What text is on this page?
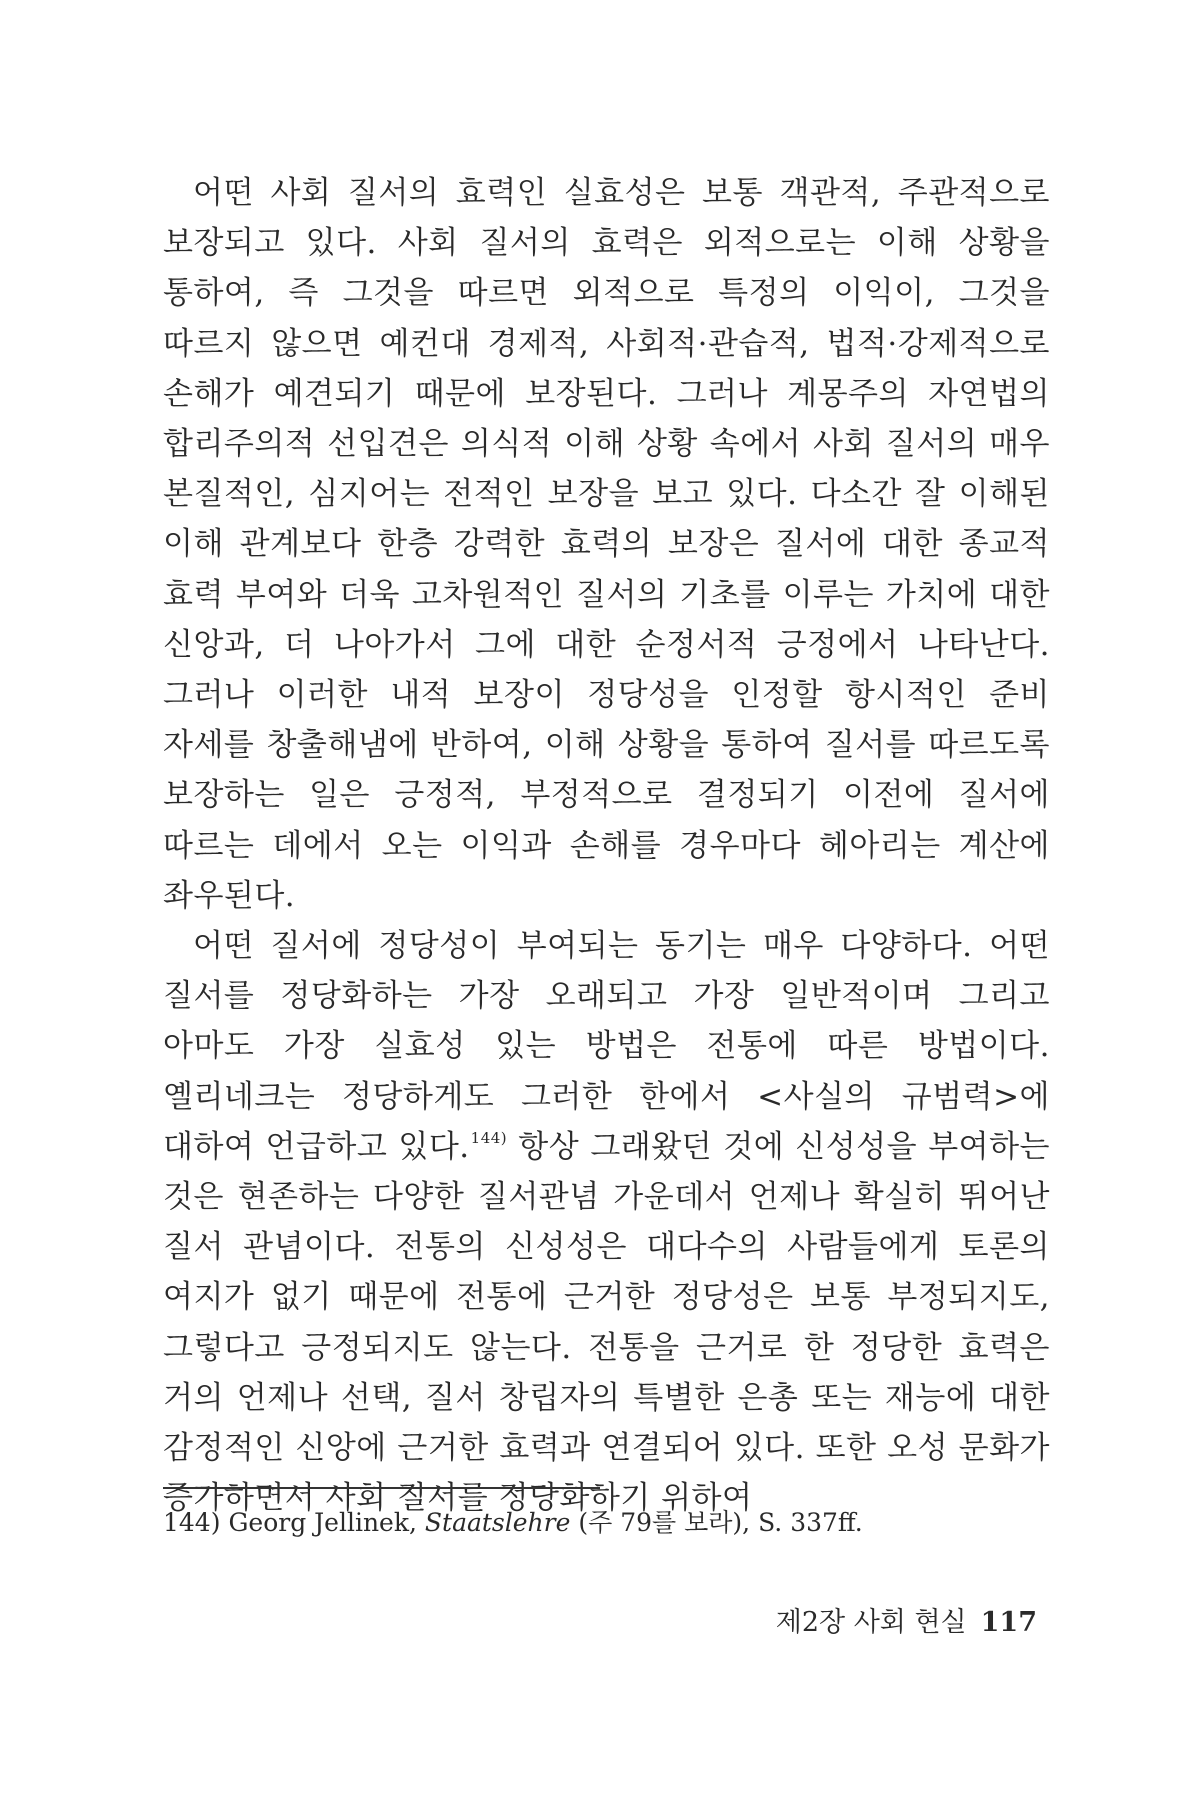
어떤 사회 질서의 효력인 실효성은 보통 객관적, 주관적으로 보장되고 있다. 사회 질서의 효력은 외적으로는 이해 상황을 통하여, 즉 그것을 따르면 외적으로 특정의 이익이, 그것을 따르지 않으면 예컨대 경제적, 사회적·관습적, 법적·강제적으로 손해가 예견되기 때문에 보장된다. 그러나 계몽주의 자연법의 합리주의적 선입견은 의식적 이해 상황 속에서 사회 질서의 매우 본질적인, 심지어는 전적인 보장을 보고 있다. 다소간 잘 이해된 이해 관계보다 한층 강력한 효력의 보장은 질서에 대한 종교적 효력 부여와 더욱 고차원적인 질서의 기초를 이루는 가치에 대한 신앙과, 더 나아가서 그에 대한 순정서적 긍정에서 나타난다. 그러나 이러한 내적 보장이 정당성을 인정할 항시적인 준비 자세를 창출해냄에 반하여, 이해 상황을 통하여 질서를 따르도록 보장하는 일은 긍정적, 부정적으로 결정되기 이전에 질서에 따르는 데에서 오는 이익과 손해를 경우마다 헤아리는 계산에 좌우된다.

어떤 질서에 정당성이 부여되는 동기는 매우 다양하다. 어떤 질서를 정당화하는 가장 오래되고 가장 일반적이며 그리고 아마도 가장 실효성 있는 방법은 전통에 따른 방법이다. 옐리네크는 정당하게도 그러한 한에서 <사실의 규범력>에 대하여 언급하고 있다.$^{144)}$ 항상 그래왔던 것에 신성성을 부여하는 것은 현존하는 다양한 질서관념 가운데서 언제나 확실히 뛰어난 질서 관념이다. 전통의 신성성은 대다수의 사람들에게 토론의 여지가 없기 때문에 전통에 근거한 정당성은 보통 부정되지도, 그렇다고 긍정되지도 않는다. 전통을 근거로 한 정당한 효력은 거의 언제나 선택, 질서 창립자의 특별한 은총 또는 재능에 대한 감정적인 신앙에 근거한 효력과 연결되어 있다. 또한 오성 문화가 증가하면서 사회 질서를 정당화하기 위하여

144) Georg Jellinek, Staatslehre (주 79를 보라), S. 337ff.
제2장 사회 현실 117
